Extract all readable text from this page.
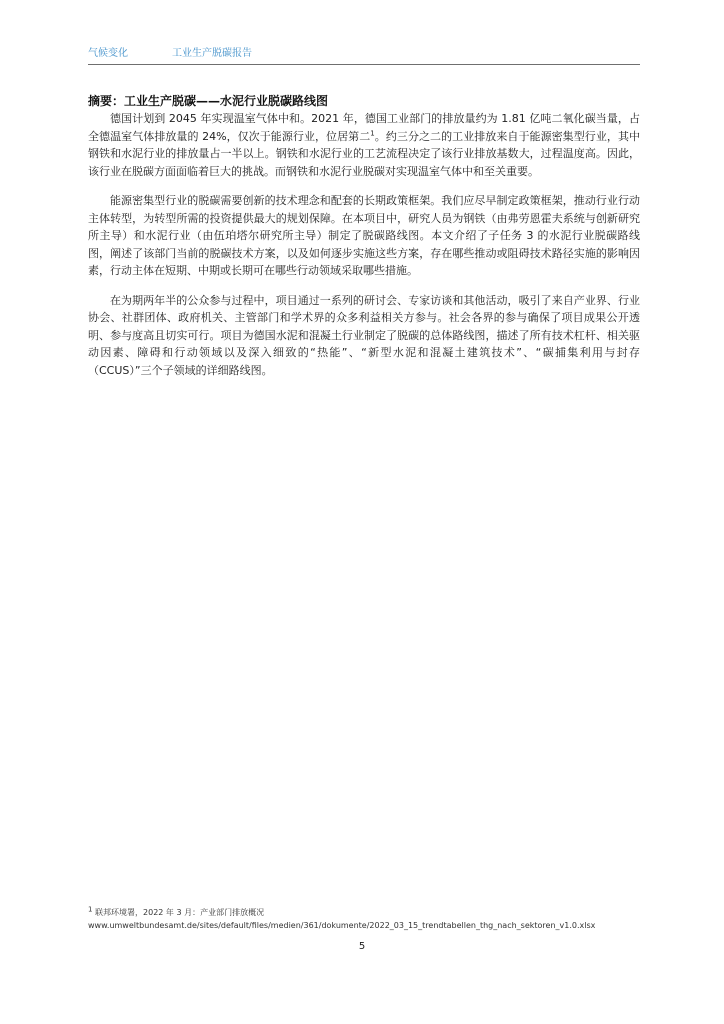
气候变化	工业生产脱碳报告
摘要：工业生产脱碳——水泥行业脱碳路线图

德国计划到 2045 年实现温室气体中和。2021 年，德国工业部门的排放量约为 1.81 亿吨二氧化碳当量，占全德温室气体排放量的 24%，仅次于能源行业，位居第二$^1$。约三分之二的工业排放来自于能源密集型行业，其中钢铁和水泥行业的排放量占一半以上。钢铁和水泥行业的工艺流程决定了该行业排放基数大，过程温度高。因此，该行业在脱碳方面面临着巨大的挑战。而钢铁和水泥行业脱碳对实现温室气体中和至关重要。

能源密集型行业的脱碳需要创新的技术理念和配套的长期政策框架。我们应尽早制定政策框架，推动行业行动主体转型，为转型所需的投资提供最大的规划保障。在本项目中，研究人员为钢铁（由弗劳恩霍夫系统与创新研究所主导）和水泥行业（由伍珀塔尔研究所主导）制定了脱碳路线图。本文介绍了子任务 3 的水泥行业脱碳路线图，阐述了该部门当前的脱碳技术方案，以及如何逐步实施这些方案，存在哪些推动或阻碍技术路径实施的影响因素，行动主体在短期、中期或长期可在哪些行动领域采取哪些措施。

在为期两年半的公众参与过程中，项目通过一系列的研讨会、专家访谈和其他活动，吸引了来自产业界、行业协会、社群团体、政府机关、主管部门和学术界的众多利益相关方参与。社会各界的参与确保了项目成果公开透明、参与度高且切实可行。项目为德国水泥和混凝土行业制定了脱碳的总体路线图，描述了所有技术杠杆、相关驱动因素、障碍和行动领域以及深入细致的“热能”、“新型水泥和混凝土建筑技术”、“碳捕集利用与封存（CCUS）”三个子领域的详细路线图。

$^1$ 联邦环境署，2022 年 3 月：产业部门排放概况
www.umweltbundesamt.de/sites/default/files/medien/361/dokumente/2022_03_15_trendtabellen_thg_nach_sektoren_v1.0.xlsx
5
